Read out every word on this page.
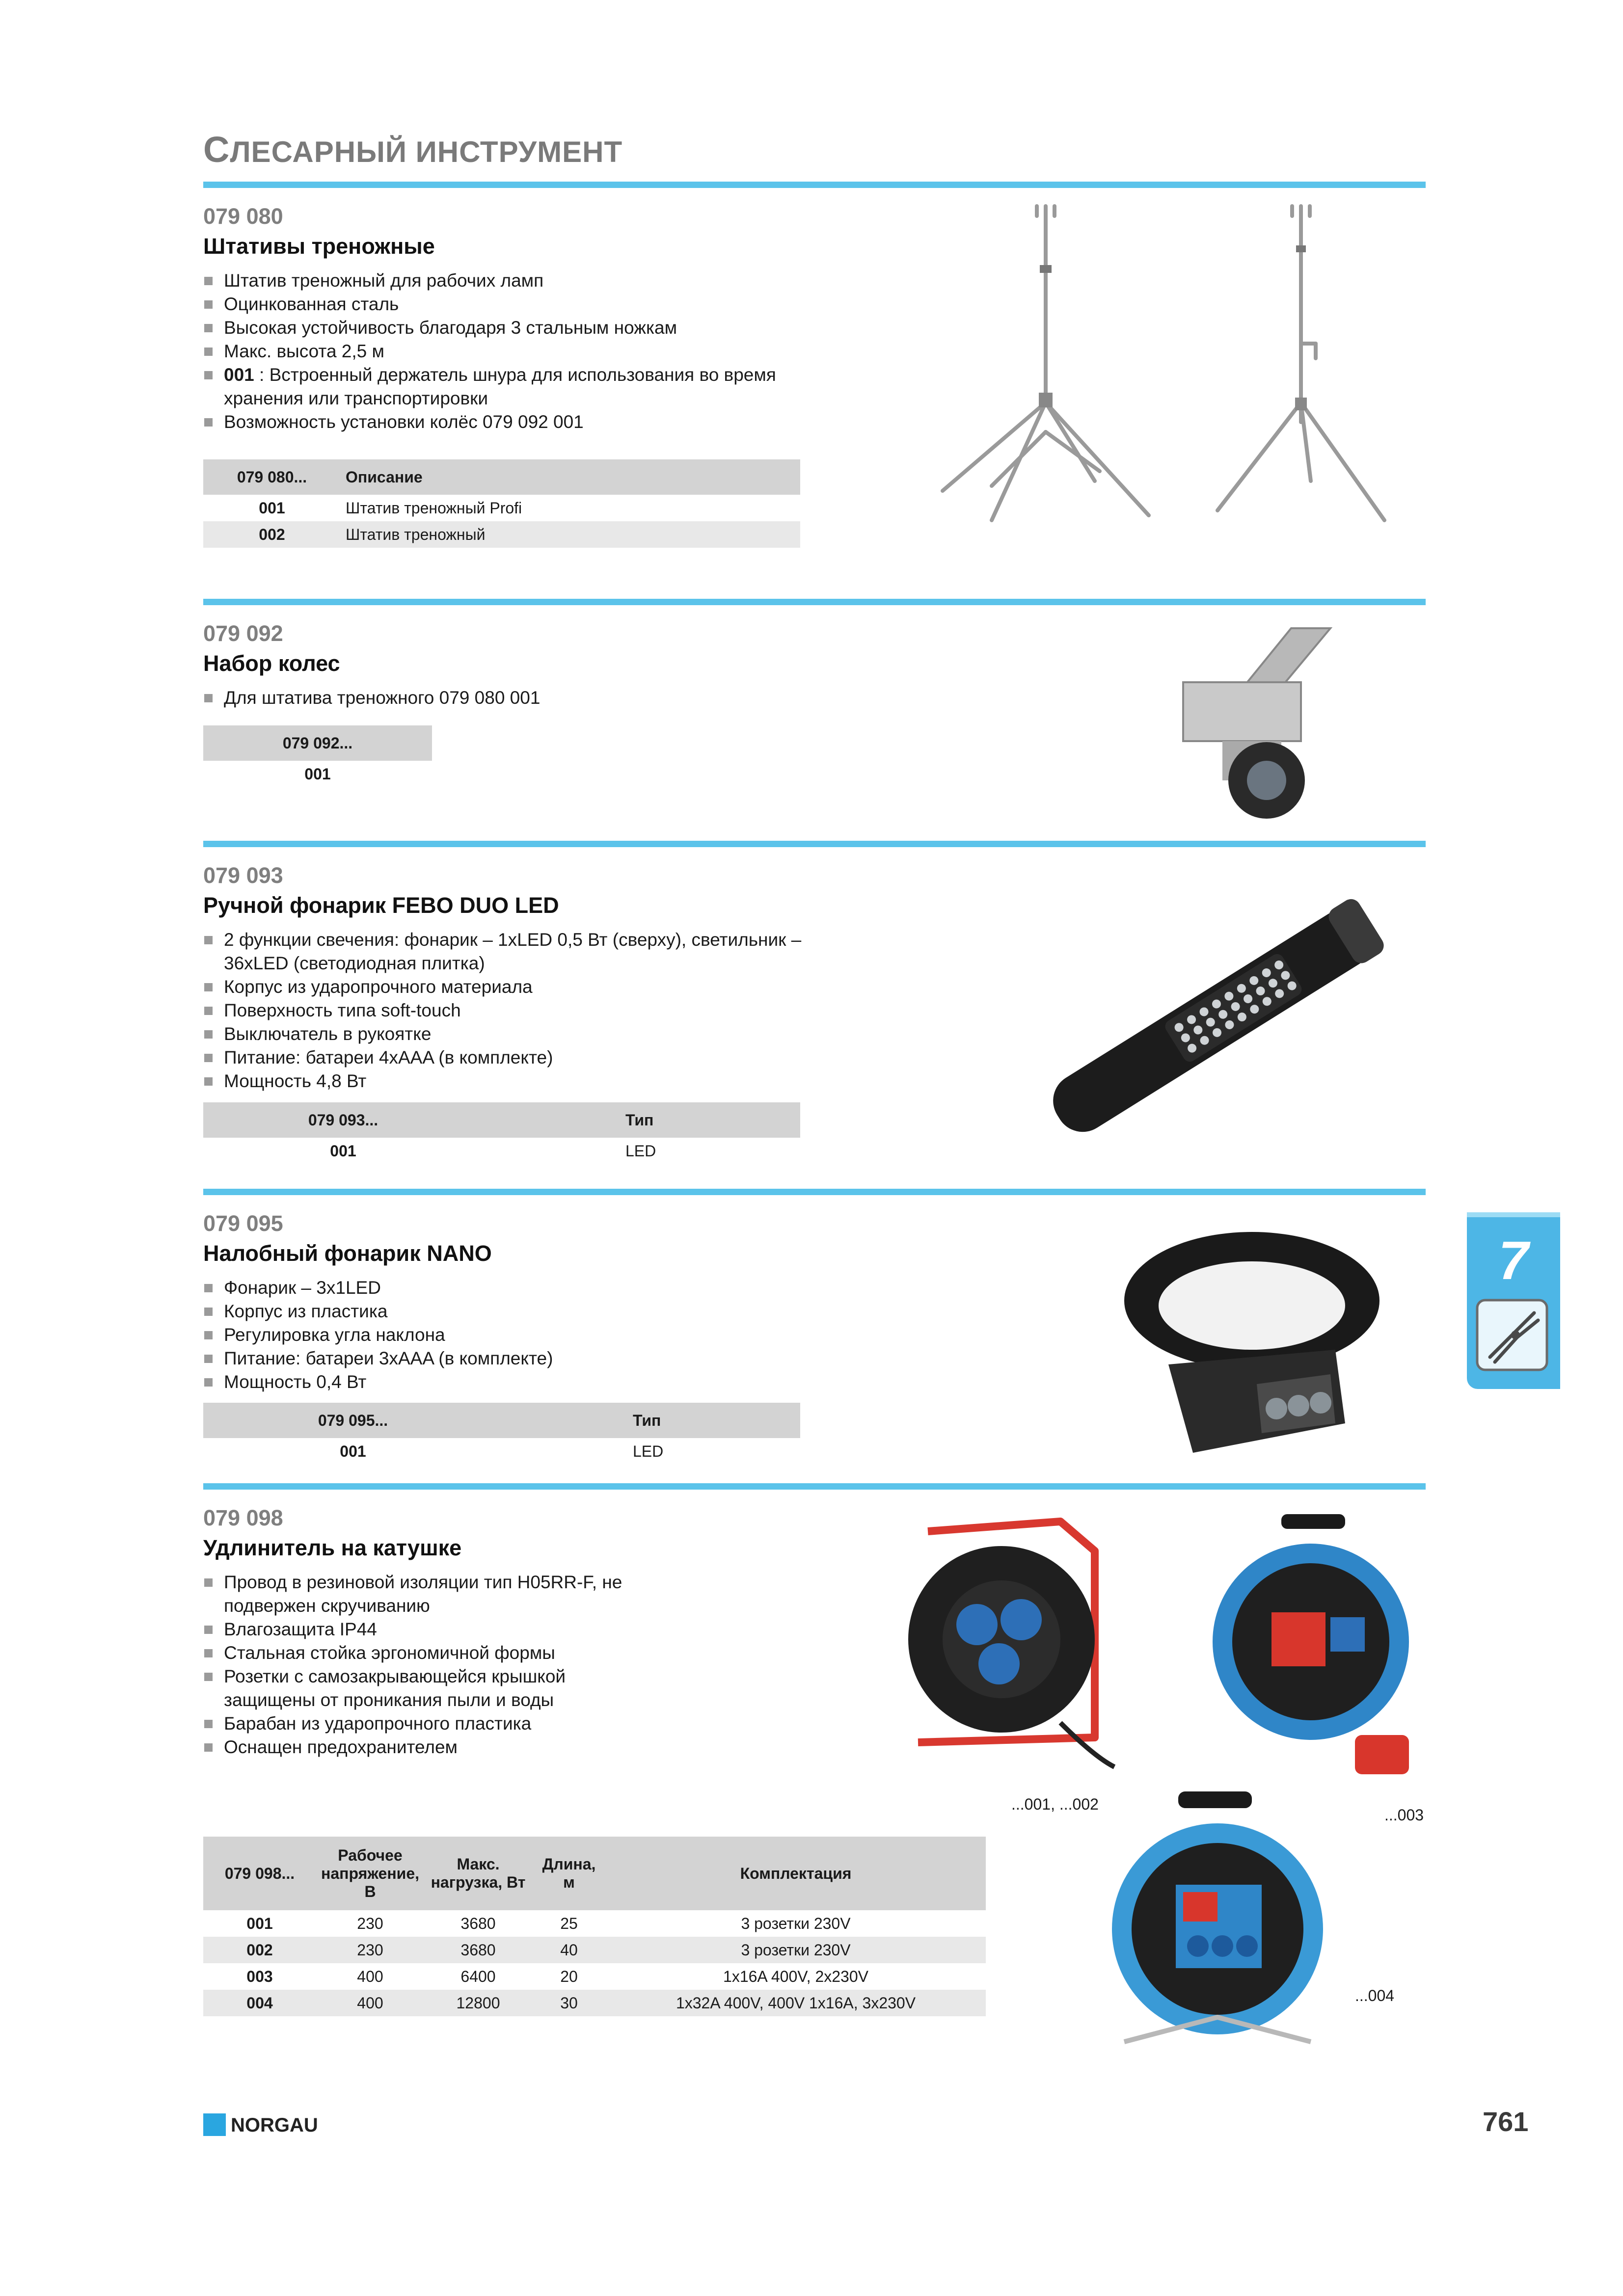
СЛЕСАРНЫЙ ИНСТРУМЕНТ
079 080
Штативы треножные
Штатив треножный для рабочих ламп
Оцинкованная сталь
Высокая устойчивость благодаря 3 стальным ножкам
Макс. высота 2,5 м
001 : Встроенный держатель шнура для использования во время хранения или транспортировки
Возможность установки колёс 079 092 001
079 080...	Описание
001	Штатив треножный Profi
002	Штатив треножный
079 092
Набор колес
Для штатива треножного 079 080 001
079 092...
001
079 093
Ручной фонарик FEBO DUO LED
2 функции свечения: фонарик – 1xLED 0,5 Вт (сверху), светильник – 36xLED (светодиодная плитка)
Корпус из ударопрочного материала
Поверхность типа soft-touch
Выключатель в рукоятке
Питание: батареи 4xAAA (в комплекте)
Мощность 4,8 Вт
079 093...	Тип
001	LED
079 095
Налобный фонарик NANO
Фонарик – 3x1LED
Корпус из пластика
Регулировка угла наклона
Питание: батареи 3xAAA (в комплекте)
Мощность 0,4 Вт
079 095...	Тип
001	LED
079 098
Удлинитель на катушке
Провод в резиновой изоляции тип H05RR-F, не подвержен скручиванию
Влагозащита IP44
Стальная стойка эргономичной формы
Розетки с самозакрывающейся крышкой защищены от проникания пыли и воды
Барабан из ударопрочного пластика
Оснащен предохранителем
079 098...	Рабочее напряжение, В	Макс. нагрузка, Вт	Длина, м	Комплектация
001	230	3680	25	3 розетки 230V
002	230	3680	40	3 розетки 230V
003	400	6400	20	1x16A 400V, 2x230V
004	400	12800	30	1x32A 400V, 400V 1x16A, 3x230V
...001, ...002
...003
...004
7
NORGAU	761
